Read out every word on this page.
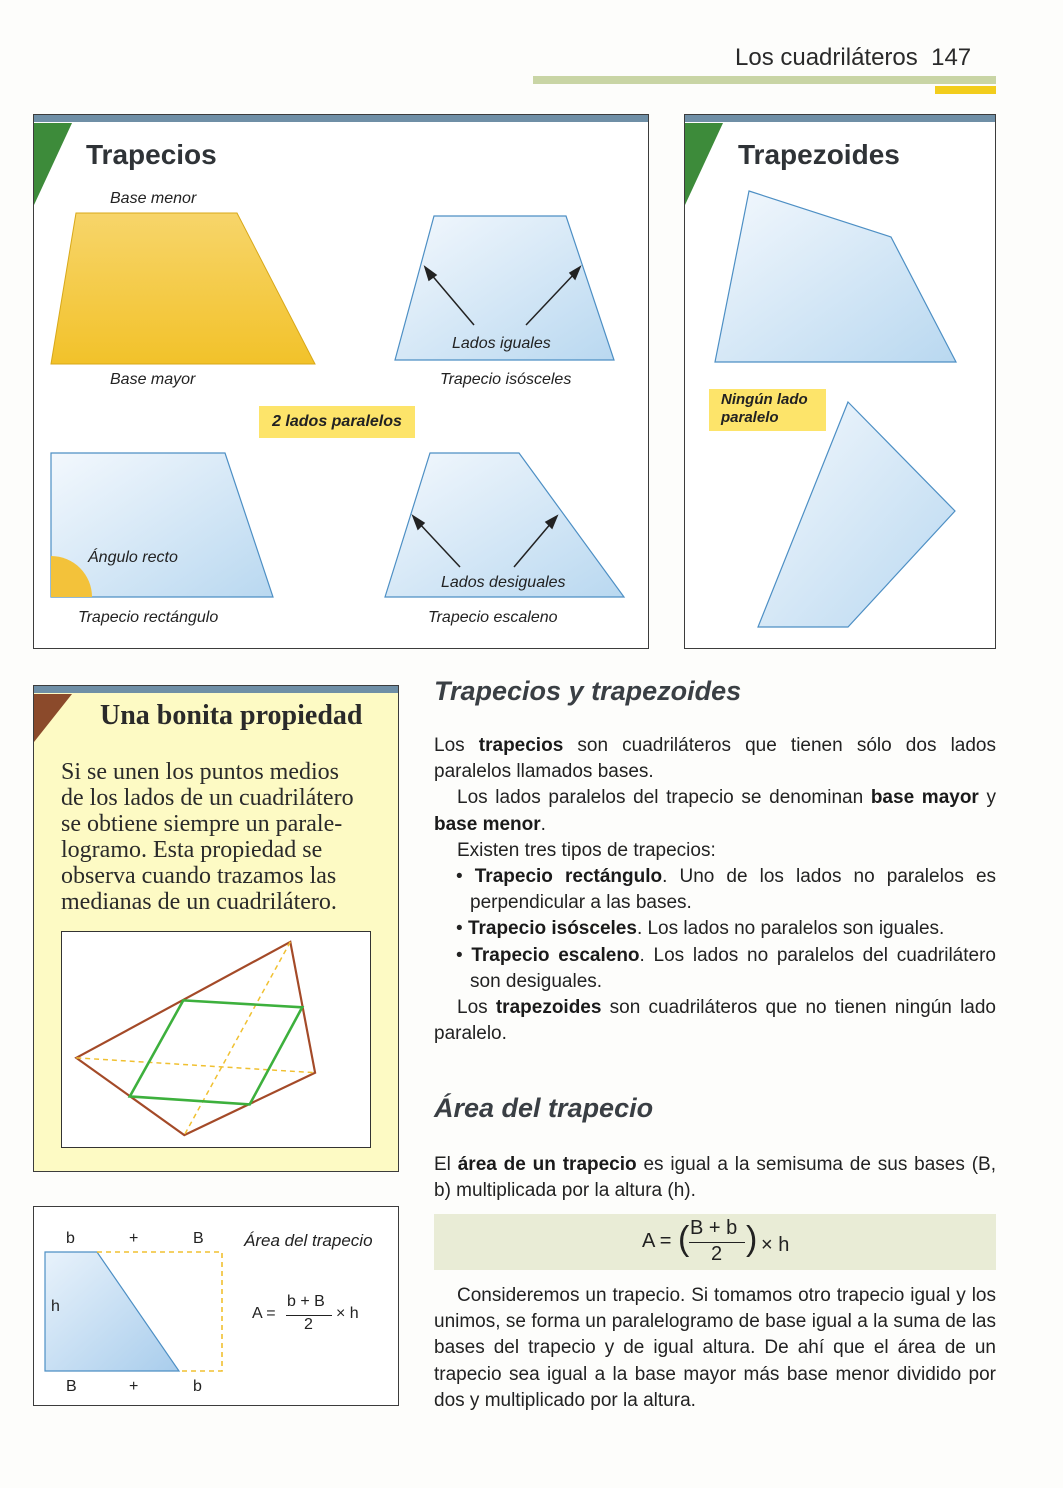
Los cuadriláteros 147
Trapecios
Base menor
Base mayor
Lados iguales
Trapecio isósceles
2 lados paralelos
Ángulo recto
Trapecio rectángulo
Lados desiguales
Trapecio escaleno
Trapezoides
Ningún lado
paralelo
Una bonita propiedad
Si se unen los puntos medios
de los lados de un cuadrilátero
se obtiene siempre un parale-
logramo. Esta propiedad se
observa cuando trazamos las
medianas de un cuadrilátero.
b	+	B
h
B	+	b
Área del trapecio
A =
b + B
2
× h
Trapecios y trapezoides

Los trapecios son cuadriláteros que tienen sólo dos lados paralelos llamados bases.

Los lados paralelos del trapecio se denominan base mayor y base menor.

Existen tres tipos de trapecios:

• Trapecio rectángulo. Uno de los lados no paralelos es perpendicular a las bases.

• Trapecio isósceles. Los lados no paralelos son iguales.

• Trapecio escaleno. Los lados no paralelos del cuadrilátero son desiguales.

Los trapezoides son cuadriláteros que no tienen ningún lado paralelo.

Área del trapecio

El área de un trapecio es igual a la semisuma de sus bases (B, b) multiplicada por la altura (h).

A = ( B + b
2 ) × h

Consideremos un trapecio. Si tomamos otro trapecio igual y los unimos, se forma un paralelogramo de base igual a la suma de las bases del trapecio y de igual altura. De ahí que el área de un trapecio sea igual a la base mayor más base menor dividido por dos y multiplicado por la altura.
